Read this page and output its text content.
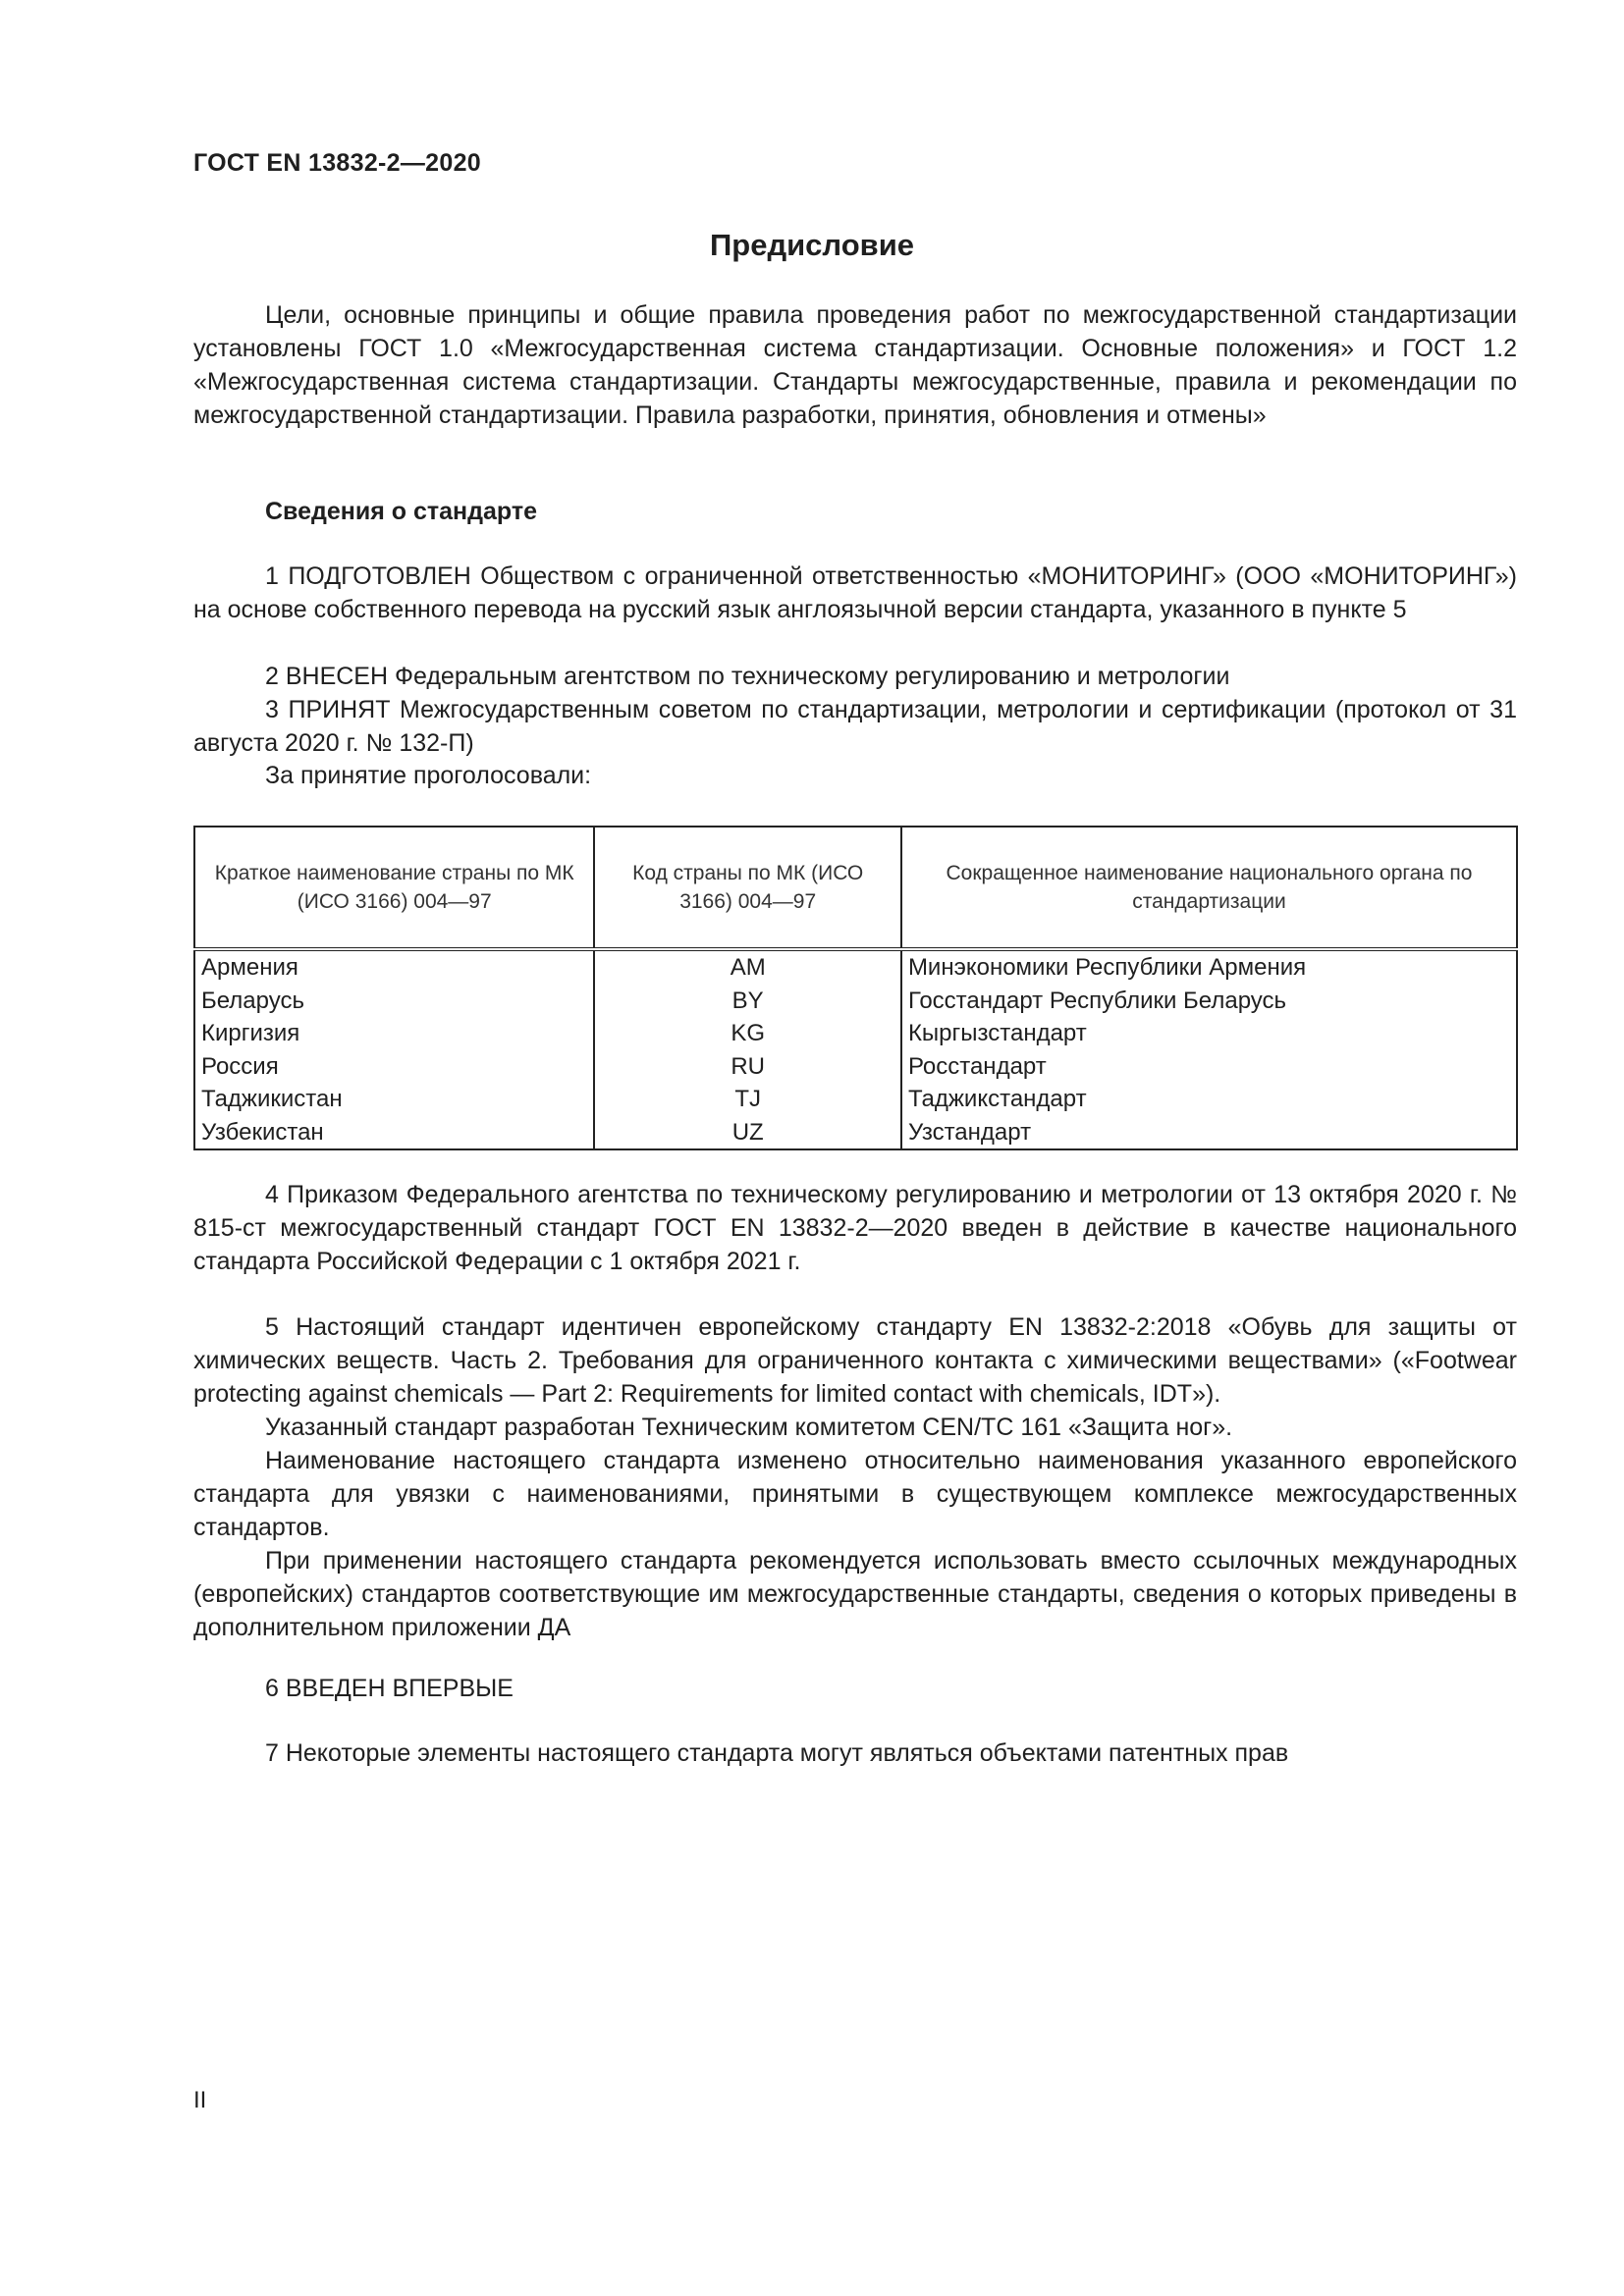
ГОСТ EN 13832-2—2020
Предисловие

Цели, основные принципы и общие правила проведения работ по межгосударственной стандартизации установлены ГОСТ 1.0 «Межгосударственная система стандартизации. Основные положения» и ГОСТ 1.2 «Межгосударственная система стандартизации. Стандарты межгосударственные, правила и рекомендации по межгосударственной стандартизации. Правила разработки, принятия, обновления и отмены»

Сведения о стандарте

1 ПОДГОТОВЛЕН Обществом с ограниченной ответственностью «МОНИТОРИНГ» (ООО «МОНИТОРИНГ») на основе собственного перевода на русский язык англоязычной версии стандарта, указанного в пункте 5

2 ВНЕСЕН Федеральным агентством по техническому регулированию и метрологии

3 ПРИНЯТ Межгосударственным советом по стандартизации, метрологии и сертификации (протокол от 31 августа 2020 г. № 132-П)

За принятие проголосовали:
Краткое наименование страны по МК (ИСО 3166) 004—97	Код страны по МК (ИСО 3166) 004—97	Сокращенное наименование национального органа по стандартизации
Армения	AM	Минэкономики Республики Армения
Беларусь	BY	Госстандарт Республики Беларусь
Киргизия	KG	Кыргызстандарт
Россия	RU	Росстандарт
Таджикистан	TJ	Таджикстандарт
Узбекистан	UZ	Узстандарт

4 Приказом Федерального агентства по техническому регулированию и метрологии от 13 октября 2020 г. № 815-ст межгосударственный стандарт ГОСТ EN 13832-2—2020 введен в действие в качестве национального стандарта Российской Федерации с 1 октября 2021 г.

5 Настоящий стандарт идентичен европейскому стандарту EN 13832-2:2018 «Обувь для защиты от химических веществ. Часть 2. Требования для ограниченного контакта с химическими веществами» («Footwear protecting against chemicals — Part 2: Requirements for limited contact with chemicals, IDT»).

Указанный стандарт разработан Техническим комитетом CEN/TC 161 «Защита ног».

Наименование настоящего стандарта изменено относительно наименования указанного европейского стандарта для увязки с наименованиями, принятыми в существующем комплексе межгосударственных стандартов.

При применении настоящего стандарта рекомендуется использовать вместо ссылочных международных (европейских) стандартов соответствующие им межгосударственные стандарты, сведения о которых приведены в дополнительном приложении ДА

6 ВВЕДЕН ВПЕРВЫЕ
7 Некоторые элементы настоящего стандарта могут являться объектами патентных прав
II
